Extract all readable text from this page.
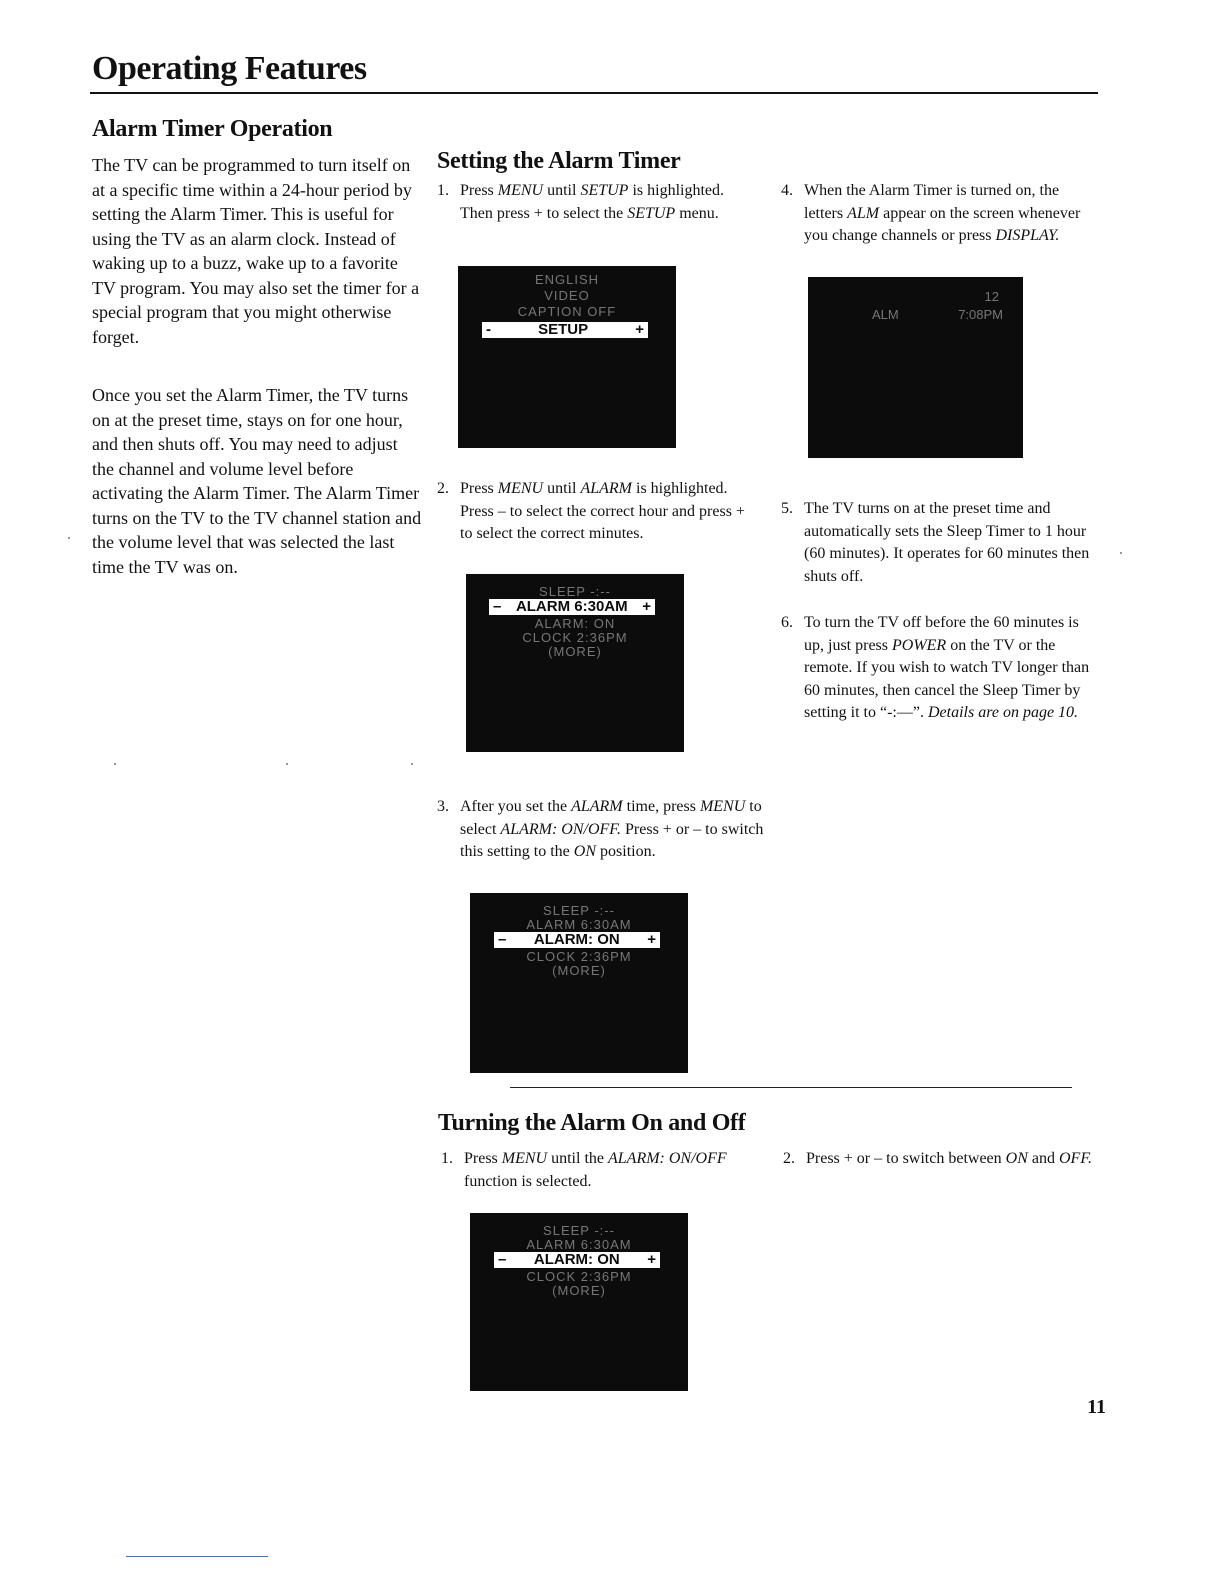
Operating Features
Alarm Timer Operation

The TV can be programmed to turn itself on at a specific time within a 24-hour period by setting the Alarm Timer. This is useful for using the TV as an alarm clock. Instead of waking up to a buzz, wake up to a favorite TV program. You may also set the timer for a special program that you might otherwise forget.

Once you set the Alarm Timer, the TV turns on at the preset time, stays on for one hour, and then shuts off. You may need to adjust the channel and volume level before activating the Alarm Timer. The Alarm Timer turns on the TV to the TV channel station and the volume level that was selected the last time the TV was on.

Setting the Alarm Timer
1. Press MENU until SETUP is highlighted. Then press + to select the SETUP menu.
ENGLISH
VIDEO
CAPTION OFF
-	SETUP	+
2. Press MENU until ALARM is highlighted. Press – to select the correct hour and press + to select the correct minutes.
SLEEP -:--
– ALARM 6:30AM +
ALARM: ON
CLOCK 2:36PM
(MORE)
3. After you set the ALARM time, press MENU to select ALARM: ON/OFF. Press + or – to switch this setting to the ON position.
SLEEP -:--
ALARM 6:30AM
–	ALARM: ON	+
CLOCK 2:36PM
(MORE)
4. When the Alarm Timer is turned on, the letters ALM appear on the screen whenever you change channels or press DISPLAY.
12
ALM	7:08PM
5. The TV turns on at the preset time and automatically sets the Sleep Timer to 1 hour (60 minutes). It operates for 60 minutes then shuts off.
6. To turn the TV off before the 60 minutes is up, just press POWER on the TV or the remote. If you wish to watch TV longer than 60 minutes, then cancel the Sleep Timer by setting it to “-:—”. Details are on page 10.
Turning the Alarm On and Off
1. Press MENU until the ALARM: ON/OFF function is selected.
2. Press + or – to switch between ON and OFF.
SLEEP -:--
ALARM 6:30AM
–	ALARM: ON	+
CLOCK 2:36PM
(MORE)
11
